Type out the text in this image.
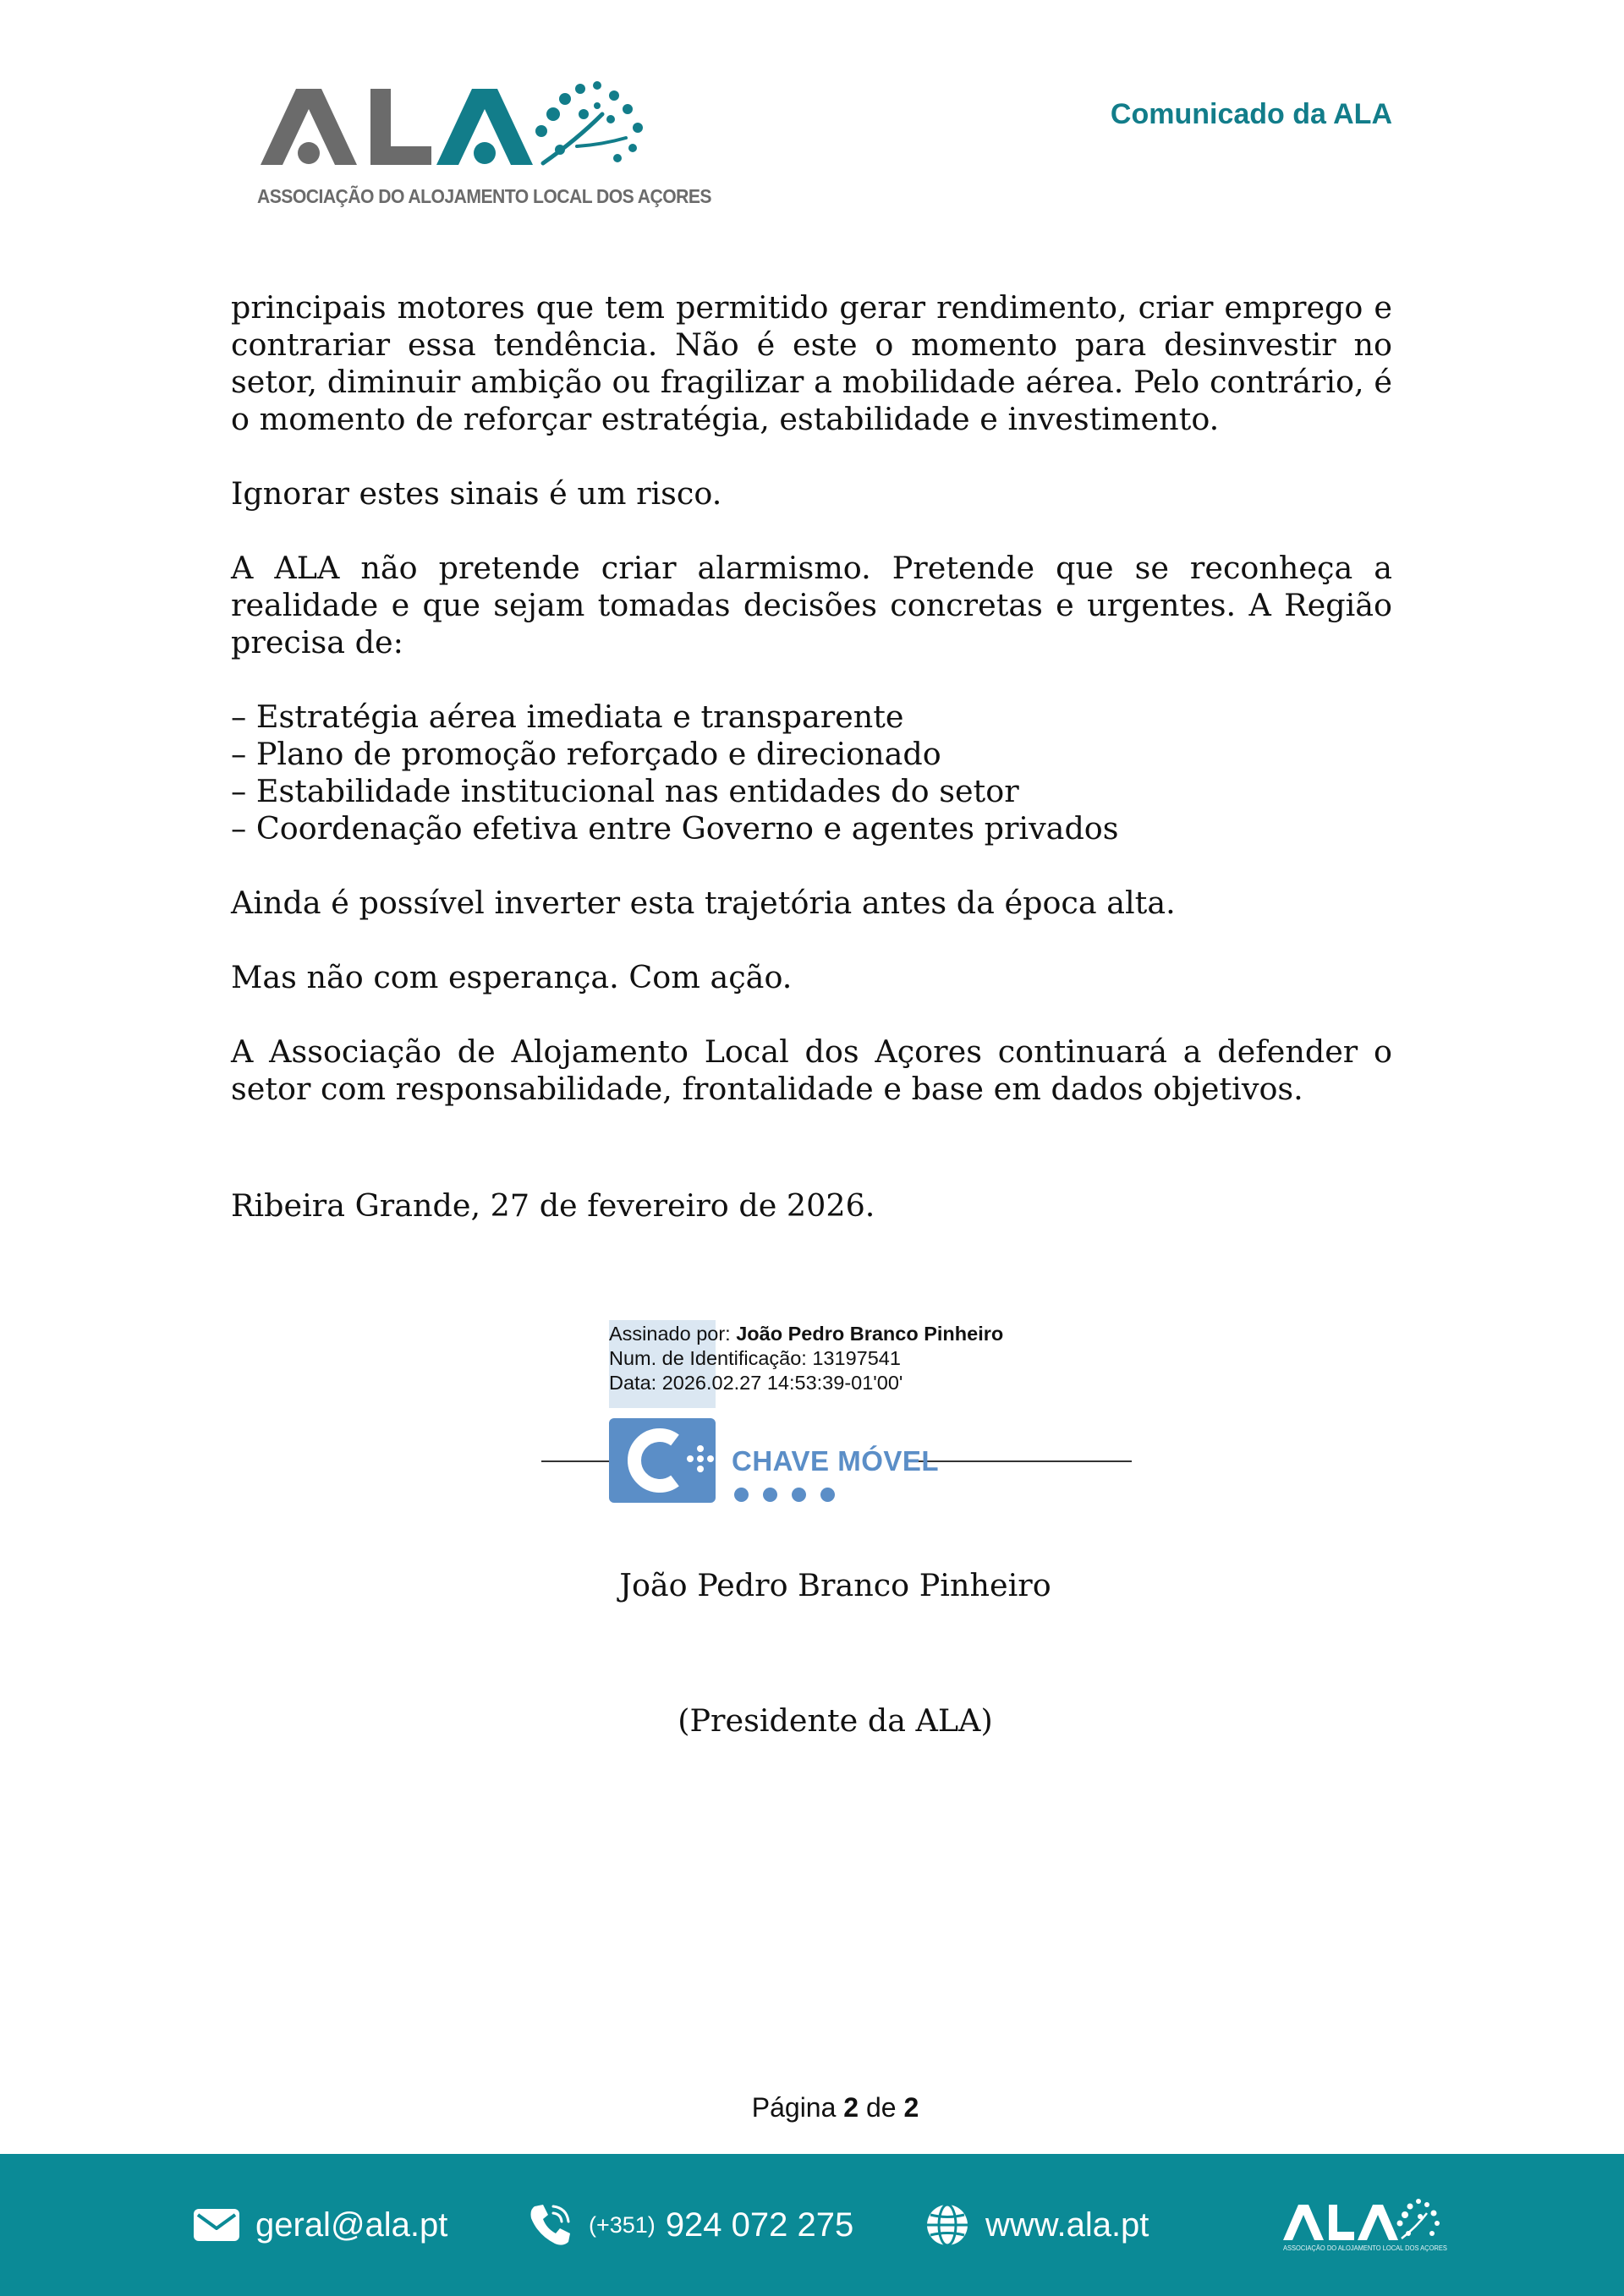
ASSOCIAÇÃO DO ALOJAMENTO LOCAL DOS AÇORES
Comunicado da ALA

principais motores que tem permitido gerar rendimento, criar emprego e contrariar essa tendência. Não é este o momento para desinvestir no setor, diminuir ambição ou fragilizar a mobilidade aérea. Pelo contrário, é o momento de reforçar estratégia, estabilidade e investimento.

Ignorar estes sinais é um risco.

A ALA não pretende criar alarmismo. Pretende que se reconheça a realidade e que sejam tomadas decisões concretas e urgentes. A Região precisa de:

– Estratégia aérea imediata e transparente
– Plano de promoção reforçado e direcionado
– Estabilidade institucional nas entidades do setor
– Coordenação efetiva entre Governo e agentes privados

Ainda é possível inverter esta trajetória antes da época alta.

Mas não com esperança. Com ação.

A Associação de Alojamento Local dos Açores continuará a defender o setor com responsabilidade, frontalidade e base em dados objetivos.

Ribeira Grande, 27 de fevereiro de 2026.

Assinado por: João Pedro Branco Pinheiro
Num. de Identificação: 13197541
Data: 2026.02.27 14:53:39-01'00'
CHAVE MÓVEL
João Pedro Branco Pinheiro
(Presidente da ALA)
Página 2 de 2
geral@ala.pt	(+351) 924 072 275	www.ala.pt
ASSOCIAÇÃO DO ALOJAMENTO LOCAL DOS AÇORES
